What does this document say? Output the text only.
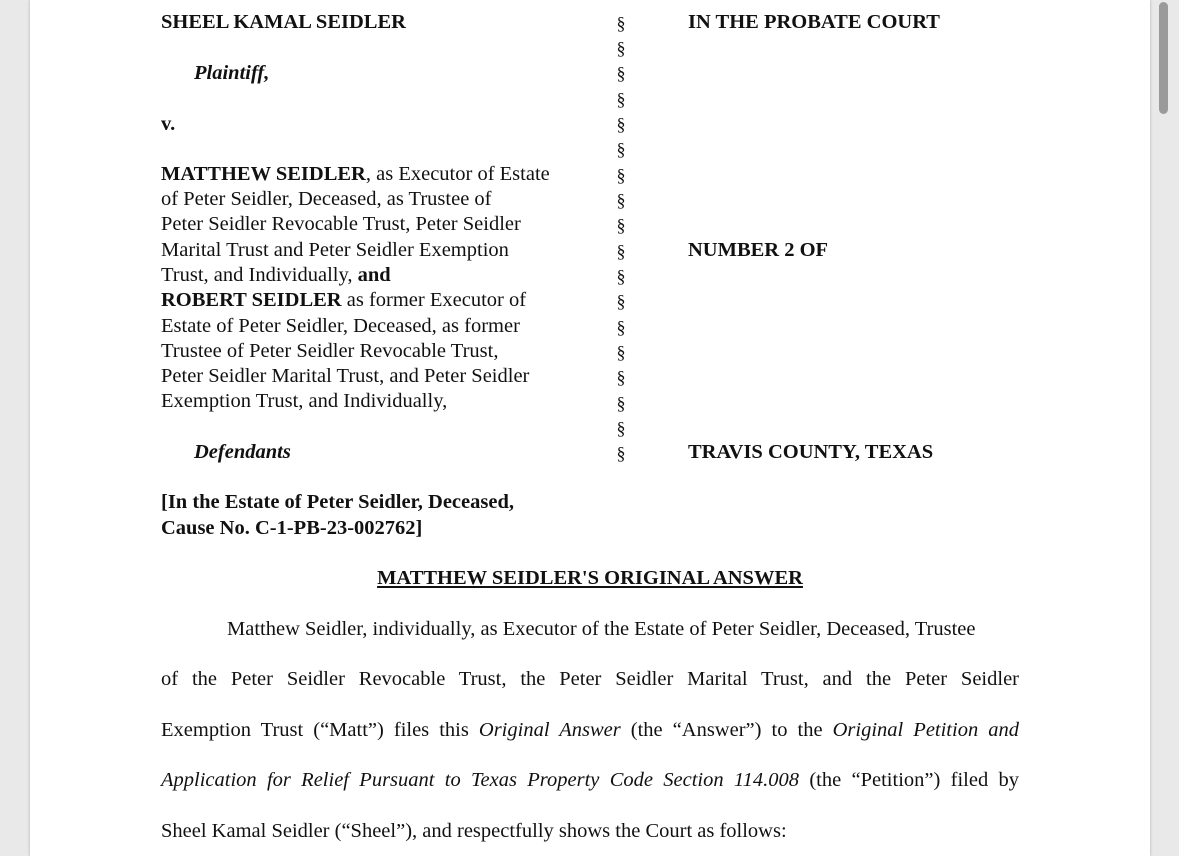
SHEEL KAMAL SEIDLER
Plaintiff,
v.
MATTHEW SEIDLER, as Executor of Estate
of Peter Seidler, Deceased, as Trustee of
Peter Seidler Revocable Trust, Peter Seidler
Marital Trust and Peter Seidler Exemption
Trust, and Individually, and
ROBERT SEIDLER as former Executor of
Estate of Peter Seidler, Deceased, as former
Trustee of Peter Seidler Revocable Trust,
Peter Seidler Marital Trust, and Peter Seidler
Exemption Trust, and Individually,
Defendants
§
§
§
§
§
§
§
§
§
§
§
§
§
§
§
§
§
§
IN THE PROBATE COURT
NUMBER 2 OF
TRAVIS COUNTY, TEXAS
[In the Estate of Peter Seidler, Deceased,
Cause No. C-1-PB-23-002762]
MATTHEW SEIDLER'S ORIGINAL ANSWER
Matthew Seidler, individually, as Executor of the Estate of Peter Seidler, Deceased, Trustee
of the Peter Seidler Revocable Trust, the Peter Seidler Marital Trust, and the Peter Seidler
Exemption Trust (“Matt”) files this Original Answer (the “Answer”) to the Original Petition and
Application for Relief Pursuant to Texas Property Code Section 114.008 (the “Petition”) filed by
Sheel Kamal Seidler (“Sheel”), and respectfully shows the Court as follows:
